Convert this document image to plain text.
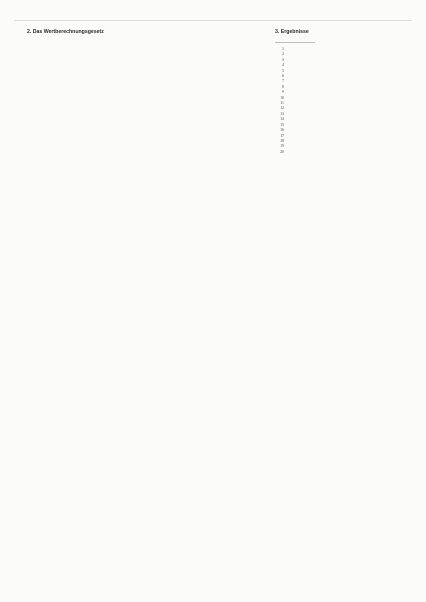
2. Das Wertberechnungsgesetz	3. Ergebnisse

1
2
3
4
5
6
7
8
9
10
11
12
13
14
15
16
17
18
19
20
